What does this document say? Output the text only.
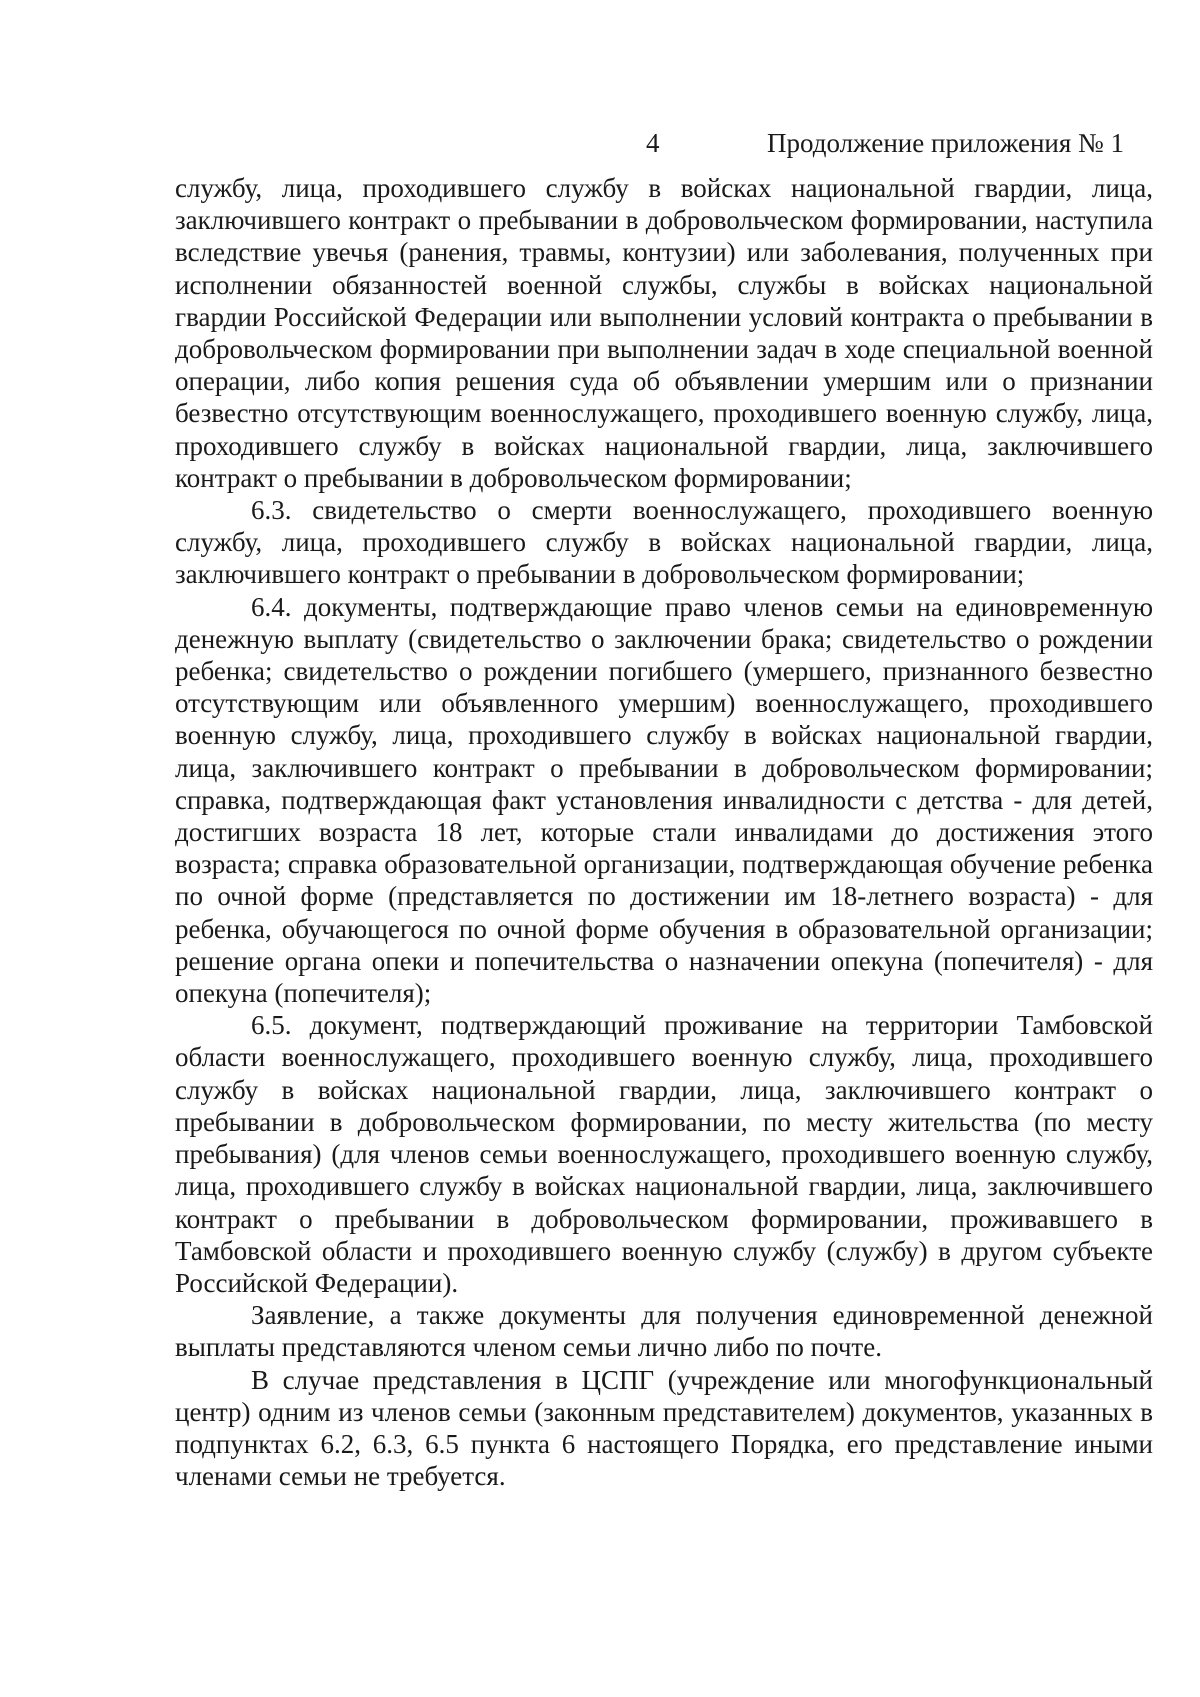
4	Продолжение приложения № 1

службу, лица, проходившего службу в войсках национальной гвардии, лица, заключившего контракт о пребывании в добровольческом формировании, наступила вследствие увечья (ранения, травмы, контузии) или заболевания, полученных при исполнении обязанностей военной службы, службы в войсках национальной гвардии Российской Федерации или выполнении условий контракта о пребывании в добровольческом формировании при выполнении задач в ходе специальной военной операции, либо копия решения суда об объявлении умершим или о признании безвестно отсутствующим военнослужащего, проходившего военную службу, лица, проходившего службу в войсках национальной гвардии, лица, заключившего контракт о пребывании в добровольческом формировании;

6.3. свидетельство о смерти военнослужащего, проходившего военную службу, лица, проходившего службу в войсках национальной гвардии, лица, заключившего контракт о пребывании в добровольческом формировании;

6.4. документы, подтверждающие право членов семьи на единовременную денежную выплату (свидетельство о заключении брака; свидетельство о рождении ребенка; свидетельство о рождении погибшего (умершего, признанного безвестно отсутствующим или объявленного умершим) военнослужащего, проходившего военную службу, лица, проходившего службу в войсках национальной гвардии, лица, заключившего контракт о пребывании в добровольческом формировании; справка, подтверждающая факт установления инвалидности с детства - для детей, достигших возраста 18 лет, которые стали инвалидами до достижения этого возраста; справка образовательной организации, подтверждающая обучение ребенка по очной форме (представляется по достижении им 18-летнего возраста) - для ребенка, обучающегося по очной форме обучения в образовательной организации; решение органа опеки и попечительства о назначении опекуна (попечителя) - для опекуна (попечителя);

6.5. документ, подтверждающий проживание на территории Тамбовской области военнослужащего, проходившего военную службу, лица, проходившего службу в войсках национальной гвардии, лица, заключившего контракт о пребывании в добровольческом формировании, по месту жительства (по месту пребывания) (для членов семьи военнослужащего, проходившего военную службу, лица, проходившего службу в войсках национальной гвардии, лица, заключившего контракт о пребывании в добровольческом формировании, проживавшего в Тамбовской области и проходившего военную службу (службу) в другом субъекте Российской Федерации).

Заявление, а также документы для получения единовременной денежной выплаты представляются членом семьи лично либо по почте.

В случае представления в ЦСПГ (учреждение или многофункциональный центр) одним из членов семьи (законным представителем) документов, указанных в подпунктах 6.2, 6.3, 6.5 пункта 6 настоящего Порядка, его представление иными членами семьи не требуется.
